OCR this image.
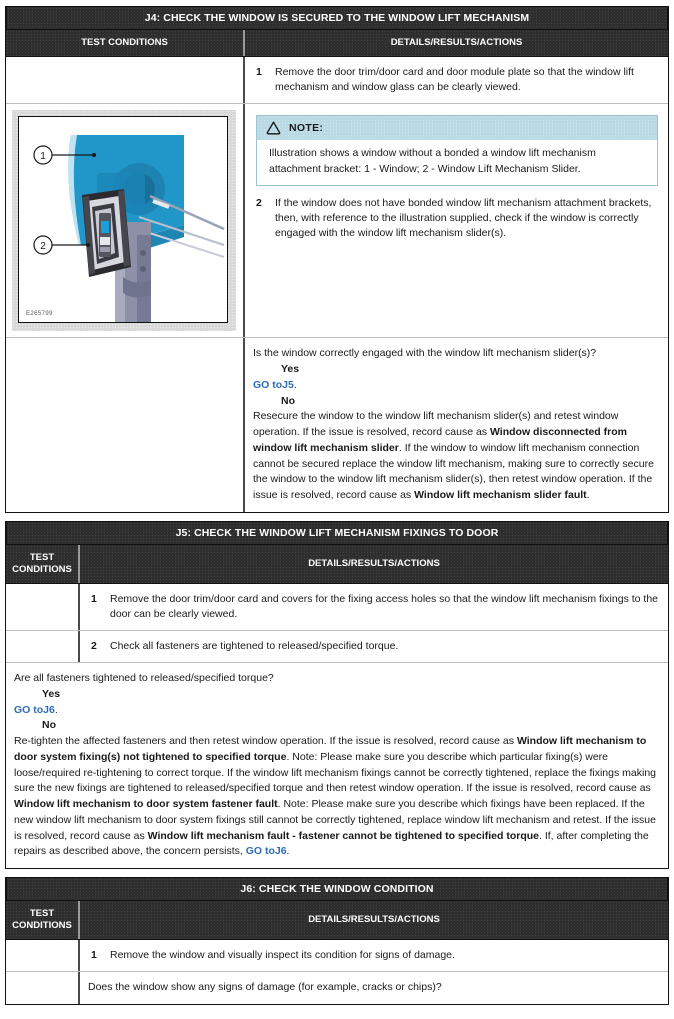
J4: CHECK THE WINDOW IS SECURED TO THE WINDOW LIFT MECHANISM
TEST CONDITIONS	DETAILS/RESULTS/ACTIONS
1	Remove the door trim/door card and door module plate so that the window lift mechanism and window glass can be clearly viewed.
1
2
E265799
NOTE:
Illustration shows a window without a bonded a window lift mechanism attachment bracket: 1 - Window; 2 - Window Lift Mechanism Slider.
2	If the window does not have bonded window lift mechanism attachment brackets, then, with reference to the illustration supplied, check if the window is correctly engaged with the window lift mechanism slider(s).

Is the window correctly engaged with the window lift mechanism slider(s)?

Yes

GO toJ5.

No

Resecure the window to the window lift mechanism slider(s) and retest window operation. If the issue is resolved, record cause as Window disconnected from window lift mechanism slider. If the window to window lift mechanism connection cannot be secured replace the window lift mechanism, making sure to correctly secure the window to the window lift mechanism slider(s), then retest window operation. If the issue is resolved, record cause as Window lift mechanism slider fault.

J5: CHECK THE WINDOW LIFT MECHANISM FIXINGS TO DOOR
TEST CONDITIONS
DETAILS/RESULTS/ACTIONS
1	Remove the door trim/door card and covers for the fixing access holes so that the window lift mechanism fixings to the door can be clearly viewed.
2	Check all fasteners are tightened to released/specified torque.

Are all fasteners tightened to released/specified torque?

Yes

GO toJ6.

No

Re-tighten the affected fasteners and then retest window operation. If the issue is resolved, record cause as Window lift mechanism to door system fixing(s) not tightened to specified torque. Note: Please make sure you describe which particular fixing(s) were loose/required re-tightening to correct torque. If the window lift mechanism fixings cannot be correctly tightened, replace the fixings making sure the new fixings are tightened to released/specified torque and then retest window operation. If the issue is resolved, record cause as Window lift mechanism to door system fastener fault. Note: Please make sure you describe which fixings have been replaced. If the new window lift mechanism to door system fixings still cannot be correctly tightened, replace window lift mechanism and retest. If the issue is resolved, record cause as Window lift mechanism fault - fastener cannot be tightened to specified torque. If, after completing the repairs as described above, the concern persists, GO toJ6.

J6: CHECK THE WINDOW CONDITION
TEST CONDITIONS
DETAILS/RESULTS/ACTIONS
1	Remove the window and visually inspect its condition for signs of damage.

Does the window show any signs of damage (for example, cracks or chips)?
